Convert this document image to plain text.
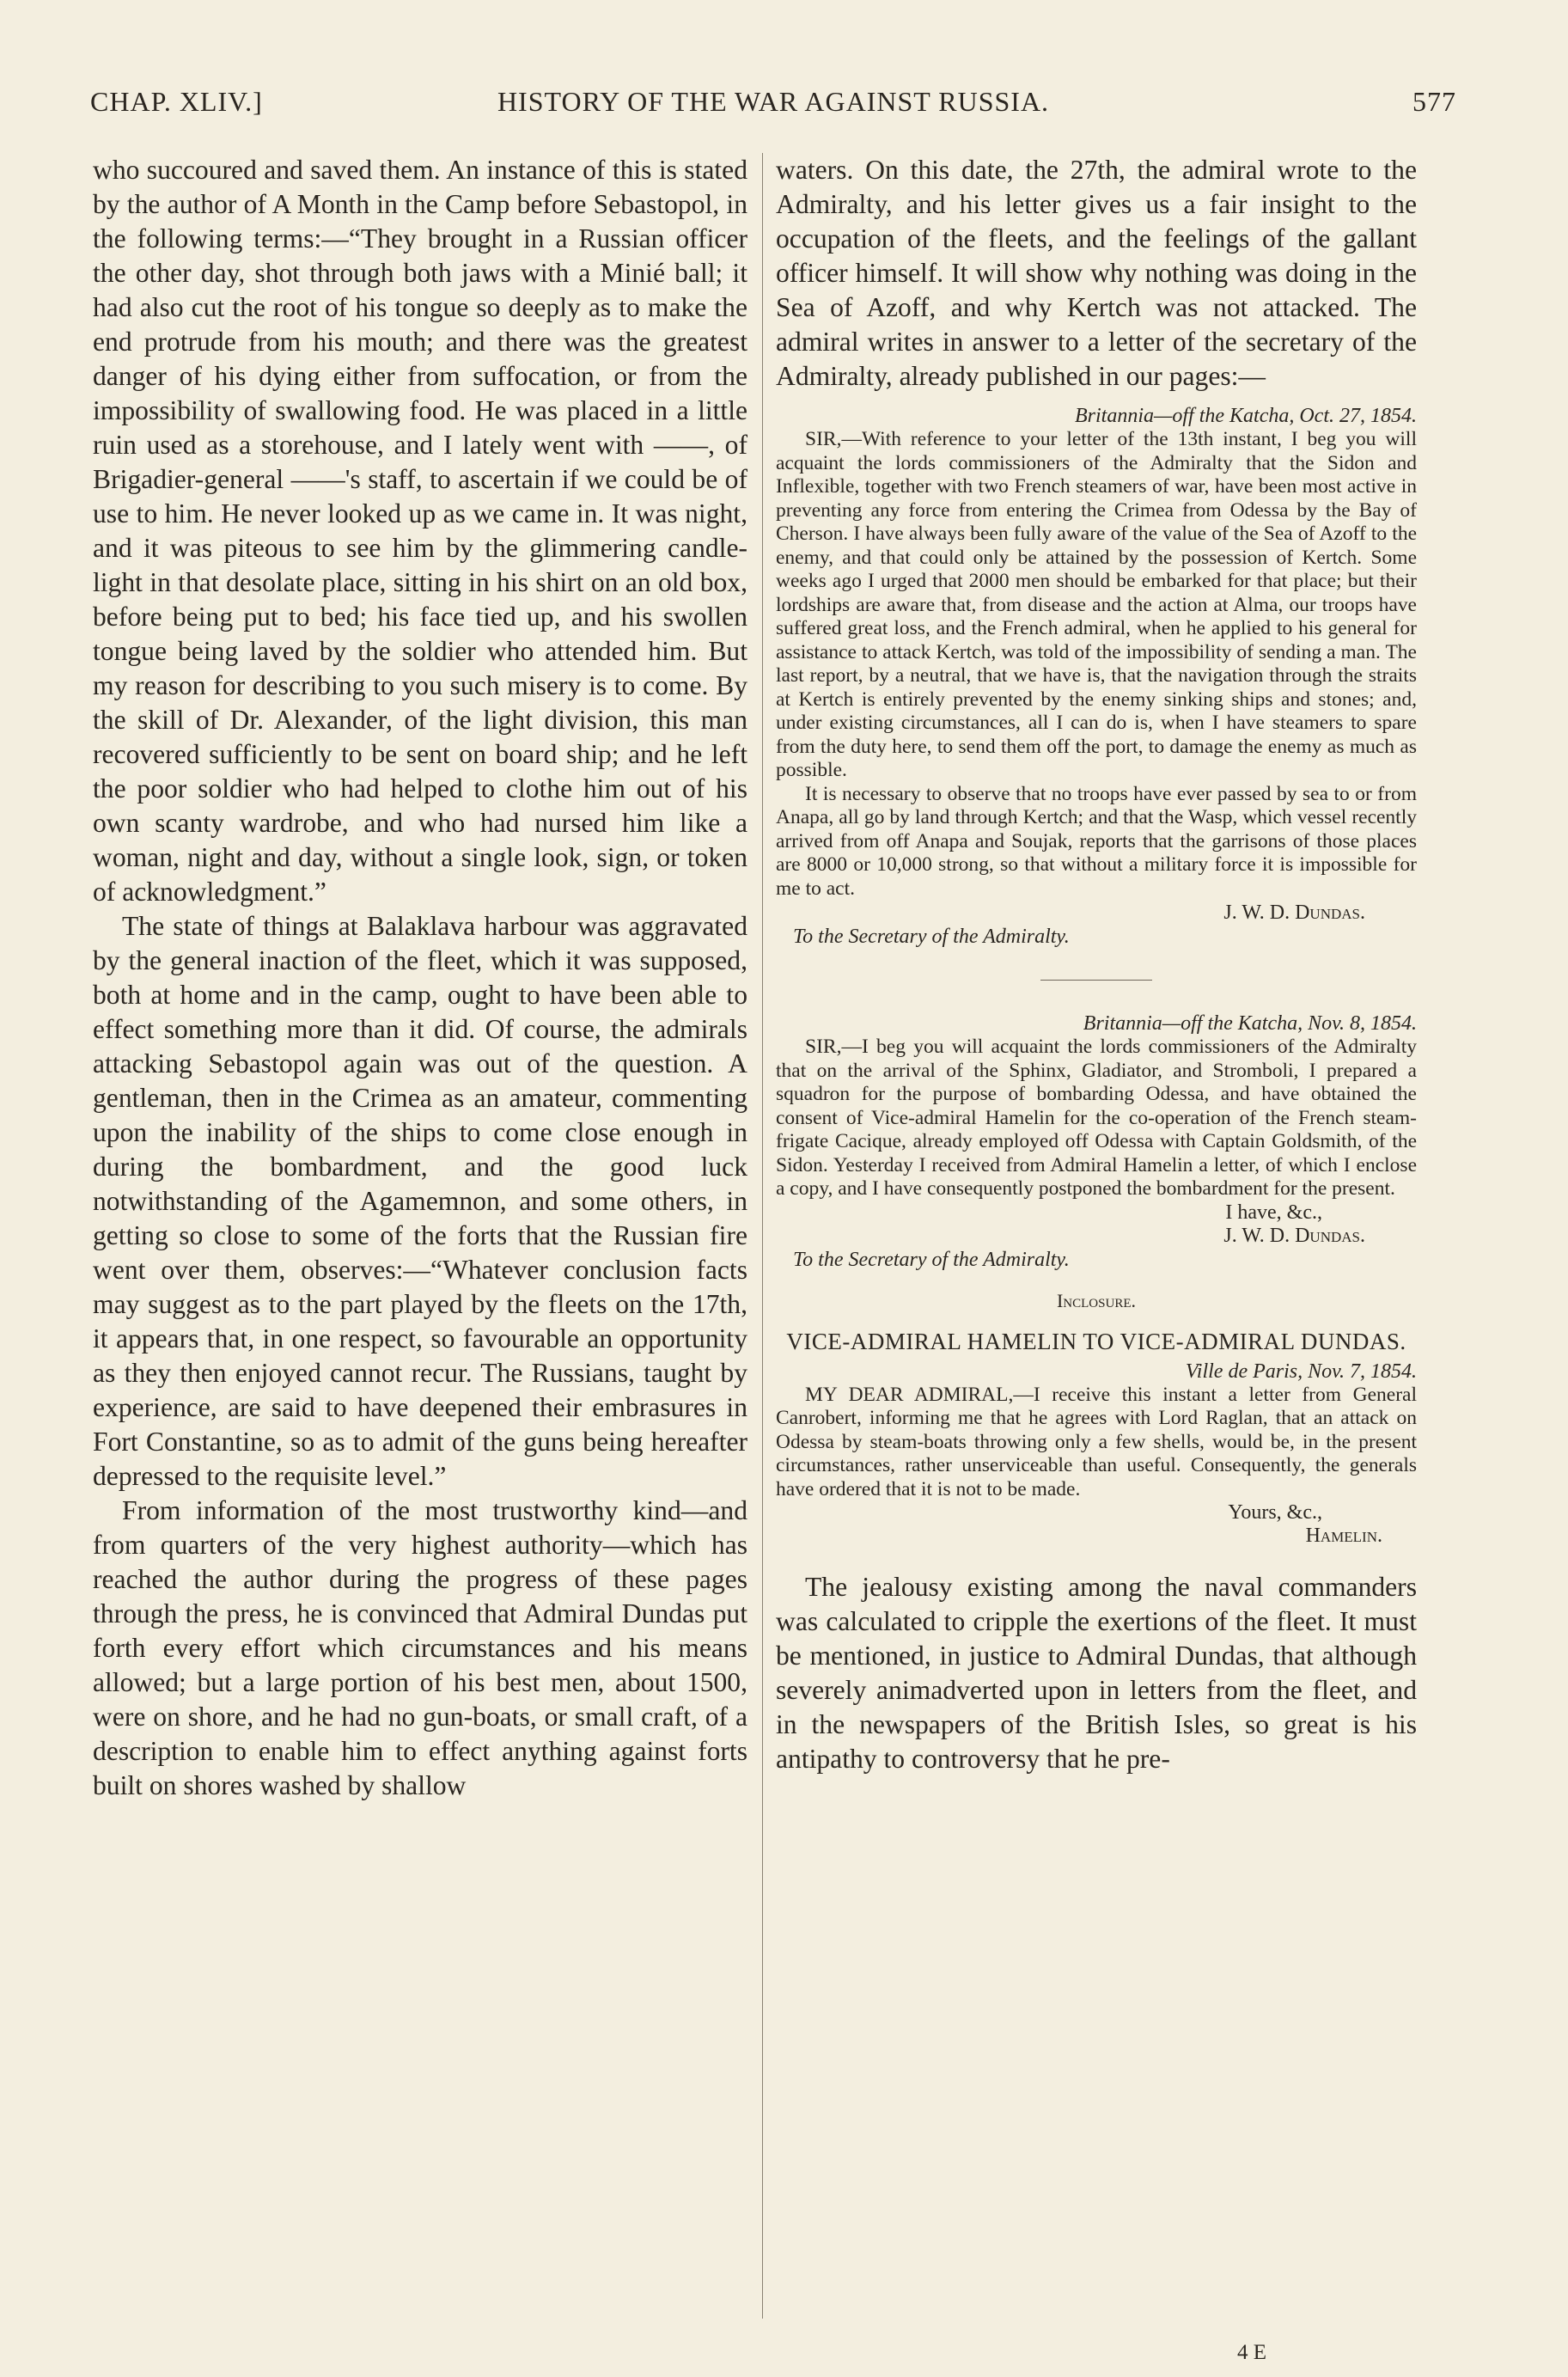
CHAP. XLIV.]	HISTORY OF THE WAR AGAINST RUSSIA.	577

who succoured and saved them. An instance of this is stated by the author of A Month in the Camp before Sebastopol, in the following terms:—“They brought in a Russian officer the other day, shot through both jaws with a Minié ball; it had also cut the root of his tongue so deeply as to make the end protrude from his mouth; and there was the greatest danger of his dying either from suffocation, or from the impossibility of swallowing food. He was placed in a little ruin used as a storehouse, and I lately went with ——, of Brigadier-general ——'s staff, to ascertain if we could be of use to him. He never looked up as we came in. It was night, and it was piteous to see him by the glimmering candle-light in that desolate place, sitting in his shirt on an old box, before being put to bed; his face tied up, and his swollen tongue being laved by the soldier who attended him. But my reason for describing to you such misery is to come. By the skill of Dr. Alexander, of the light division, this man recovered sufficiently to be sent on board ship; and he left the poor soldier who had helped to clothe him out of his own scanty wardrobe, and who had nursed him like a woman, night and day, without a single look, sign, or token of acknowledgment.”

The state of things at Balaklava harbour was aggravated by the general inaction of the fleet, which it was supposed, both at home and in the camp, ought to have been able to effect something more than it did. Of course, the admirals attacking Sebastopol again was out of the question. A gentleman, then in the Crimea as an amateur, commenting upon the inability of the ships to come close enough in during the bombardment, and the good luck notwithstanding of the Agamemnon, and some others, in getting so close to some of the forts that the Russian fire went over them, observes:—“Whatever conclusion facts may suggest as to the part played by the fleets on the 17th, it appears that, in one respect, so favourable an opportunity as they then enjoyed cannot recur. The Russians, taught by experience, are said to have deepened their embrasures in Fort Constantine, so as to admit of the guns being hereafter depressed to the requisite level.”

From information of the most trustworthy kind—and from quarters of the very highest authority—which has reached the author during the progress of these pages through the press, he is convinced that Admiral Dundas put forth every effort which circumstances and his means allowed; but a large portion of his best men, about 1500, were on shore, and he had no gun-boats, or small craft, of a description to enable him to effect anything against forts built on shores washed by shallow

waters. On this date, the 27th, the admiral wrote to the Admiralty, and his letter gives us a fair insight to the occupation of the fleets, and the feelings of the gallant officer himself. It will show why nothing was doing in the Sea of Azoff, and why Kertch was not attacked. The admiral writes in answer to a letter of the secretary of the Admiralty, already published in our pages:—

Britannia—off the Katcha, Oct. 27, 1854.

SIR,—With reference to your letter of the 13th instant, I beg you will acquaint the lords commissioners of the Admiralty that the Sidon and Inflexible, together with two French steamers of war, have been most active in preventing any force from entering the Crimea from Odessa by the Bay of Cherson. I have always been fully aware of the value of the Sea of Azoff to the enemy, and that could only be attained by the possession of Kertch. Some weeks ago I urged that 2000 men should be embarked for that place; but their lordships are aware that, from disease and the action at Alma, our troops have suffered great loss, and the French admiral, when he applied to his general for assistance to attack Kertch, was told of the impossibility of sending a man. The last report, by a neutral, that we have is, that the navigation through the straits at Kertch is entirely prevented by the enemy sinking ships and stones; and, under existing circumstances, all I can do is, when I have steamers to spare from the duty here, to send them off the port, to damage the enemy as much as possible.

It is necessary to observe that no troops have ever passed by sea to or from Anapa, all go by land through Kertch; and that the Wasp, which vessel recently arrived from off Anapa and Soujak, reports that the garrisons of those places are 8000 or 10,000 strong, so that without a military force it is impossible for me to act.

J. W. D. Dundas.

To the Secretary of the Admiralty.

Britannia—off the Katcha, Nov. 8, 1854.

SIR,—I beg you will acquaint the lords commissioners of the Admiralty that on the arrival of the Sphinx, Gladiator, and Stromboli, I prepared a squadron for the purpose of bombarding Odessa, and have obtained the consent of Vice-admiral Hamelin for the co-operation of the French steam-frigate Cacique, already employed off Odessa with Captain Goldsmith, of the Sidon. Yesterday I received from Admiral Hamelin a letter, of which I enclose a copy, and I have consequently postponed the bombardment for the present.

I have, &c.,

J. W. D. Dundas.

To the Secretary of the Admiralty.

Inclosure.

VICE-ADMIRAL HAMELIN TO VICE-ADMIRAL DUNDAS.

Ville de Paris, Nov. 7, 1854.

MY DEAR ADMIRAL,—I receive this instant a letter from General Canrobert, informing me that he agrees with Lord Raglan, that an attack on Odessa by steam-boats throwing only a few shells, would be, in the present circumstances, rather unserviceable than useful. Consequently, the generals have ordered that it is not to be made.

Yours, &c.,

Hamelin.

The jealousy existing among the naval commanders was calculated to cripple the exertions of the fleet. It must be mentioned, in justice to Admiral Dundas, that although severely animadverted upon in letters from the fleet, and in the newspapers of the British Isles, so great is his antipathy to controversy that he pre-

4 E
